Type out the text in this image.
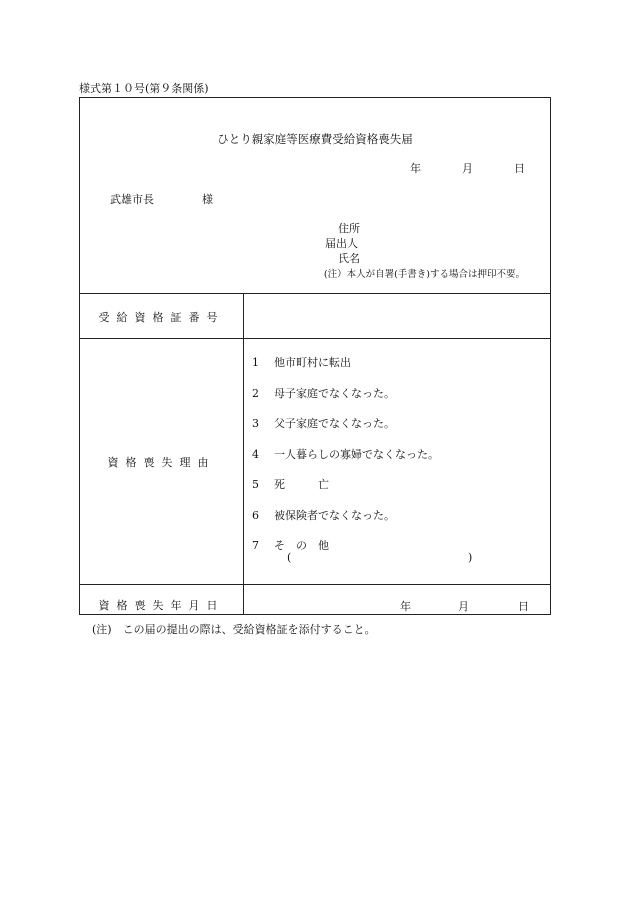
様式第１０号(第９条関係)
ひとり親家庭等医療費受給資格喪失届
年	月	日
武雄市長	様
住所
届出人
氏名
(注）本人が自署(手書き)する場合は押印不要。
受給資格証番号
資格喪失理由
1 他市町村に転出
2 母子家庭でなくなった。
3 父子家庭でなくなった。
4 一人暮らしの寡婦でなくなった。
5 死　　　亡
6 被保険者でなくなった。
7 そ　の　他
(	)
資格喪失年月日	年	月	日
(注)　この届の提出の際は、受給資格証を添付すること。
